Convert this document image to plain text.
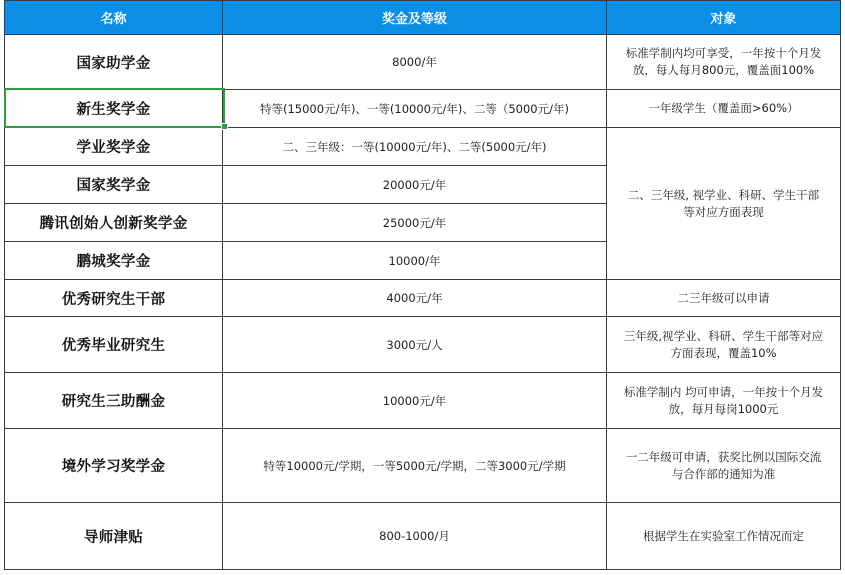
名称	奖金及等级	对象
国家助学金	8000/年	标准学制内均可享受，一年按十个月发
放，每人每月800元，覆盖面100%
新生奖学金	特等(15000元/年)、一等(10000元/年)、二等（5000元/年)	一年级学生（覆盖面>60%）
学业奖学金	二、三年级：一等(10000元/年)、二等(5000元/年)	二、三年级, 视学业、科研、学生干部
等对应方面表现
国家奖学金	20000元/年	
腾讯创始人创新奖学金	25000元/年	
鹏城奖学金	10000/年	
优秀研究生干部	4000元/年	二三年级可以申请
优秀毕业研究生	3000元/人	三年级,视学业、科研、学生干部等对应
方面表现，覆盖10%
研究生三助酬金	10000元/年	标准学制内 均可申请，一年按十个月发
放，每月每岗1000元
境外学习奖学金	特等10000元/学期，一等5000元/学期，二等3000元/学期	一二年级可申请，获奖比例以国际交流
与合作部的通知为准
导师津贴	800-1000/月	根据学生在实验室工作情况而定
